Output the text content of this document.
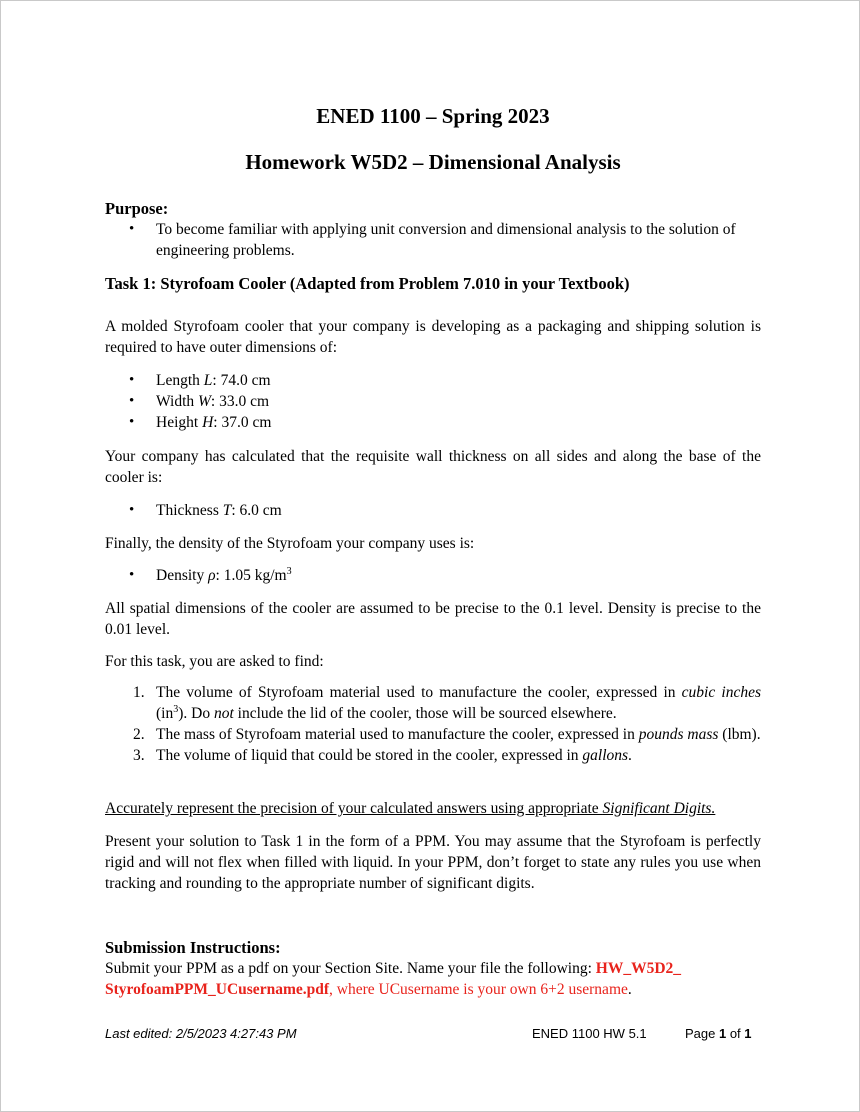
ENED 1100 – Spring 2023
Homework W5D2 – Dimensional Analysis
Purpose:
• To become familiar with applying unit conversion and dimensional analysis to the solution of engineering problems.
Task 1: Styrofoam Cooler (Adapted from Problem 7.010 in your Textbook)
A molded Styrofoam cooler that your company is developing as a packaging and shipping solution is required to have outer dimensions of:
• Length L: 74.0 cm
• Width W: 33.0 cm
• Height H: 37.0 cm
Your company has calculated that the requisite wall thickness on all sides and along the base of the cooler is:
• Thickness T: 6.0 cm
Finally, the density of the Styrofoam your company uses is:
• Density ρ: 1.05 $kg/m^3$
All spatial dimensions of the cooler are assumed to be precise to the 0.1 level. Density is precise to the 0.01 level.
For this task, you are asked to find:
1. The volume of Styrofoam material used to manufacture the cooler, expressed in cubic inches $(in^3)$. Do not include the lid of the cooler, those will be sourced elsewhere.
2. The mass of Styrofoam material used to manufacture the cooler, expressed in pounds mass (lbm).
3. The volume of liquid that could be stored in the cooler, expressed in gallons.
Accurately represent the precision of your calculated answers using appropriate Significant Digits.
Present your solution to Task 1 in the form of a PPM. You may assume that the Styrofoam is perfectly rigid and will not flex when filled with liquid. In your PPM, don’t forget to state any rules you use when tracking and rounding to the appropriate number of significant digits.
Submission Instructions:
Submit your PPM as a pdf on your Section Site. Name your file the following: HW_W5D2_
StyrofoamPPM_UCusername.pdf, where UCusername is your own 6+2 username.
Last edited: 2/5/2023 4:27:43 PM	ENED 1100 HW 5.1	Page 1 of 1
